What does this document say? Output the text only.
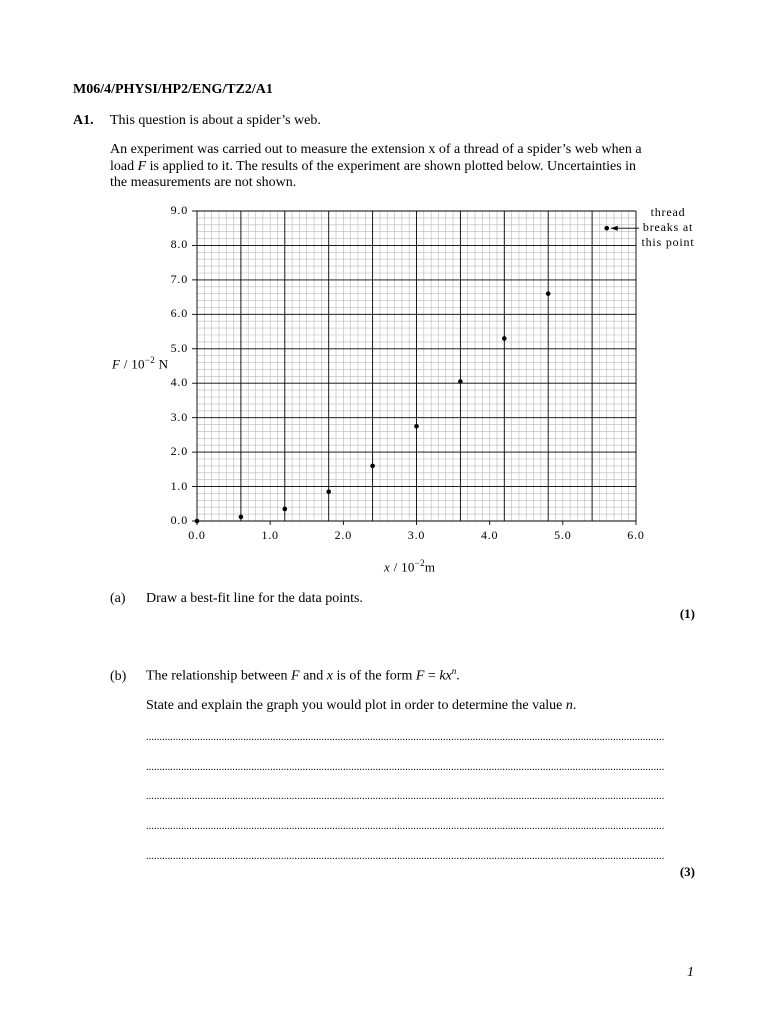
M06/4/PHYSI/HP2/ENG/TZ2/A1
A1. This question is about a spider’s web.

An experiment was carried out to measure the extension x of a thread of a spider’s web when a

load F is applied to it. The results of the experiment are shown plotted below. Uncertainties in

the measurements are not shown.

0.0
1.0
2.0
3.0
4.0
5.0
6.0
7.0
8.0
9.0
0.0	1.0	2.0	3.0	4.0	5.0	6.0
F / $10^{-2}$ N
x / $10^{-2}m$
thread
breaks at
this point
(a) Draw a best-fit line for the data points.
(1)
(b) The relationship between F and x is of the form $F = kx^n$.
State and explain the graph you would plot in order to determine the value n.
................................................................................................................................................................................................
................................................................................................................................................................................................
................................................................................................................................................................................................
................................................................................................................................................................................................
................................................................................................................................................................................................
(3)
1
